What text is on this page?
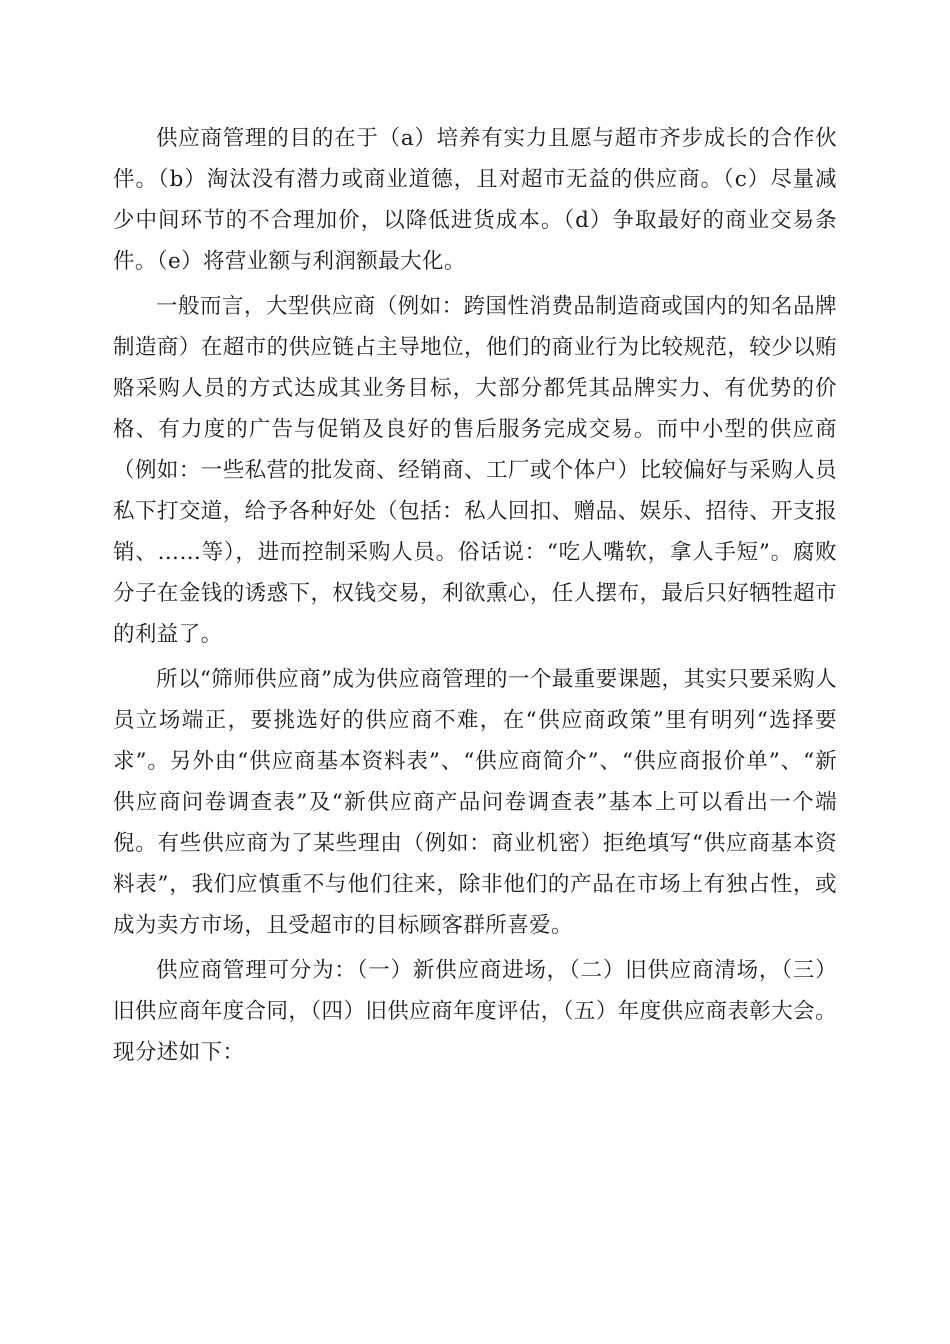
供应商管理的目的在于（a）培养有实力且愿与超市齐步成长的合作伙伴。（b）淘汰没有潜力或商业道德，且对超市无益的供应商。（c）尽量减少中间环节的不合理加价，以降低进货成本。（d）争取最好的商业交易条件。（e）将营业额与利润额最大化。

一般而言，大型供应商（例如：跨国性消费品制造商或国内的知名品牌制造商）在超市的供应链占主导地位，他们的商业行为比较规范，较少以贿赂采购人员的方式达成其业务目标，大部分都凭其品牌实力、有优势的价格、有力度的广告与促销及良好的售后服务完成交易。而中小型的供应商（例如：一些私营的批发商、经销商、工厂或个体户）比较偏好与采购人员私下打交道，给予各种好处（包括：私人回扣、赠品、娱乐、招待、开支报销、……等），进而控制采购人员。俗话说：“吃人嘴软，拿人手短”。腐败分子在金钱的诱惑下，权钱交易，利欲熏心，任人摆布，最后只好牺牲超市的利益了。

所以“筛师供应商”成为供应商管理的一个最重要课题，其实只要采购人员立场端正，要挑选好的供应商不难，在“供应商政策”里有明列“选择要求”。另外由“供应商基本资料表”、“供应商简介”、“供应商报价单”、“新供应商问卷调查表”及“新供应商产品问卷调查表”基本上可以看出一个端倪。有些供应商为了某些理由（例如：商业机密）拒绝填写“供应商基本资料表”，我们应慎重不与他们往来，除非他们的产品在市场上有独占性，或成为卖方市场，且受超市的目标顾客群所喜爱。

供应商管理可分为：（一）新供应商进场，（二）旧供应商清场，（三）旧供应商年度合同，（四）旧供应商年度评估，（五）年度供应商表彰大会。现分述如下：
